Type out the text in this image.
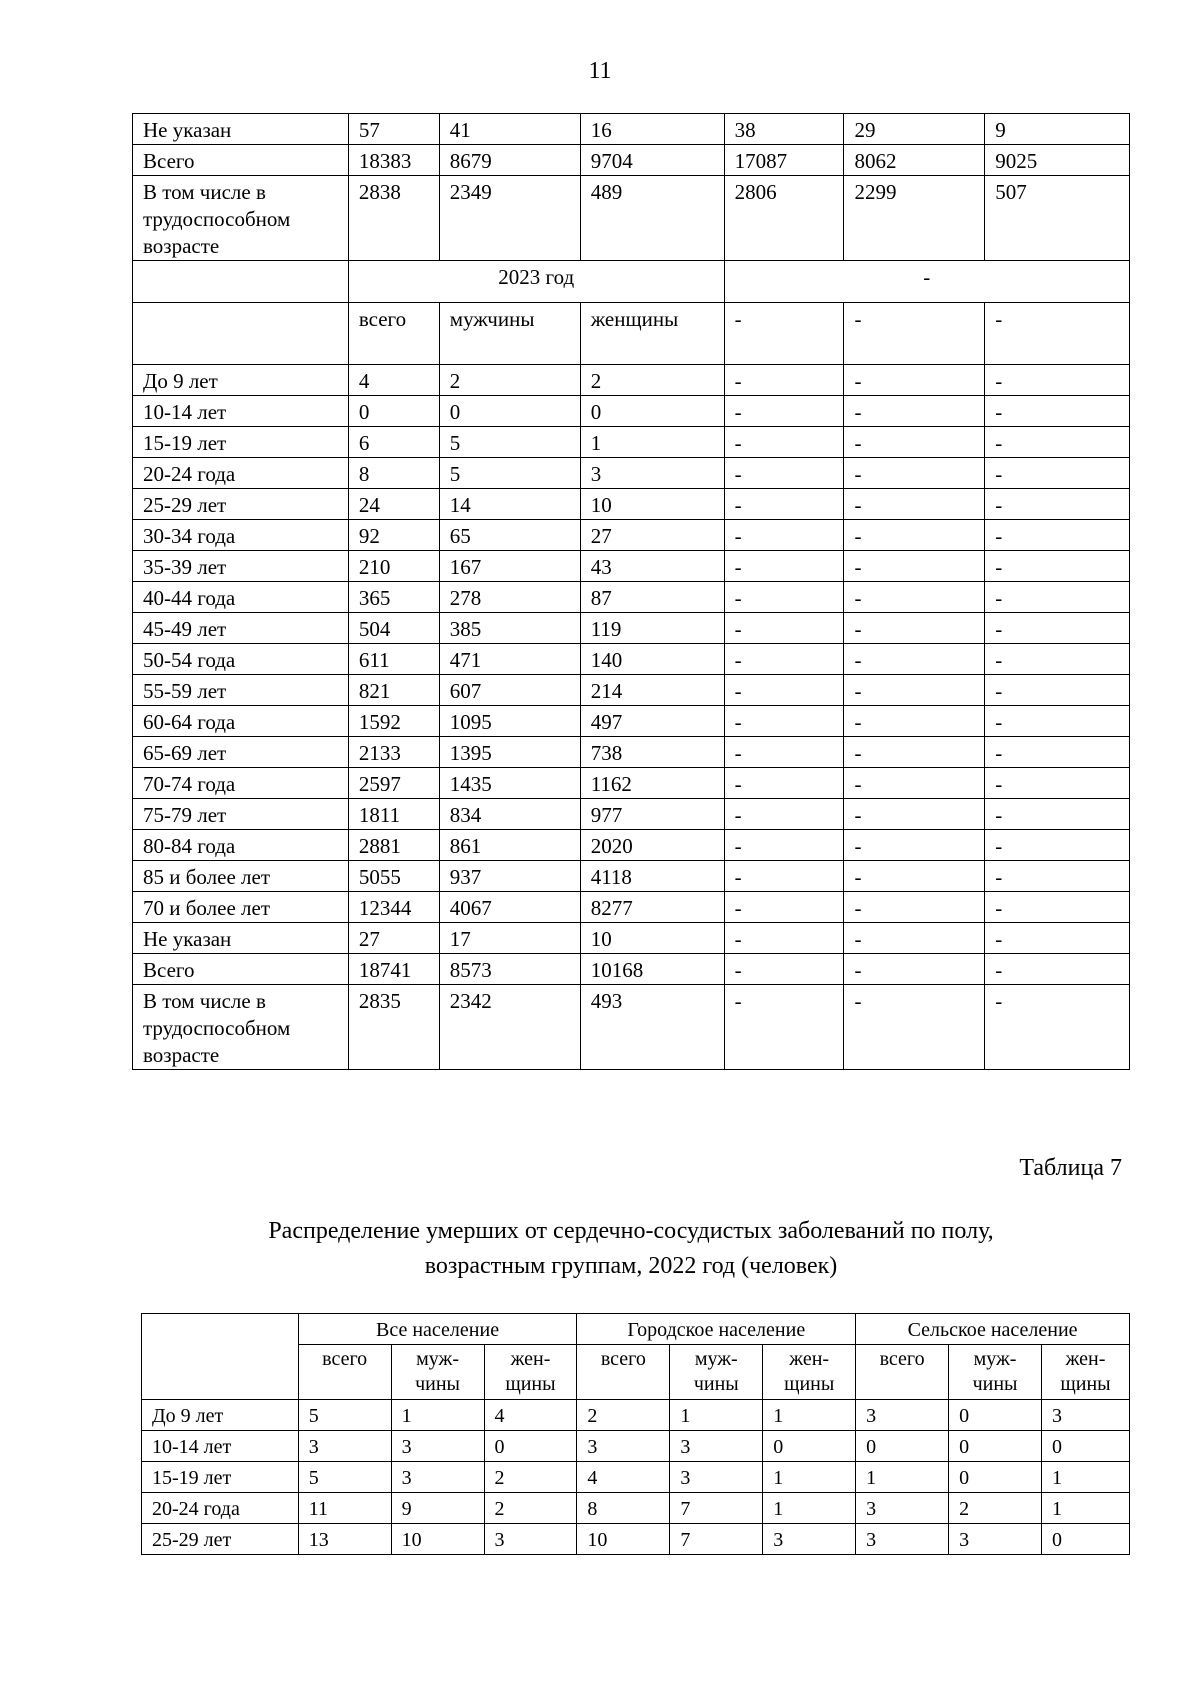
11
Не указан	57	41	16	38	29	9
Всего	18383	8679	9704	17087	8062	9025
В том числе в трудоспособном возрасте	2838	2349	489	2806	2299	507
	2023 год			-		
	всего	мужчины	женщины	-	-	-
До 9 лет	4	2	2	-	-	-
10-14 лет	0	0	0	-	-	-
15-19 лет	6	5	1	-	-	-
20-24 года	8	5	3	-	-	-
25-29 лет	24	14	10	-	-	-
30-34 года	92	65	27	-	-	-
35-39 лет	210	167	43	-	-	-
40-44 года	365	278	87	-	-	-
45-49 лет	504	385	119	-	-	-
50-54 года	611	471	140	-	-	-
55-59 лет	821	607	214	-	-	-
60-64 года	1592	1095	497	-	-	-
65-69 лет	2133	1395	738	-	-	-
70-74 года	2597	1435	1162	-	-	-
75-79 лет	1811	834	977	-	-	-
80-84 года	2881	861	2020	-	-	-
85 и более лет	5055	937	4118	-	-	-
70 и более лет	12344	4067	8277	-	-	-
Не указан	27	17	10	-	-	-
Всего	18741	8573	10168	-	-	-
В том числе в трудоспособном возрасте	2835	2342	493	-	-	-
Таблица 7
Распределение умерших от сердечно-сосудистых заболеваний по полу,
возрастным группам, 2022 год (человек)
	Все население			Городское население			Сельское население		
	всего	муж-чины	жен-щины	всего	муж-чины	жен-щины	всего	муж-чины	жен-щины
До 9 лет	5	1	4	2	1	1	3	0	3
10-14 лет	3	3	0	3	3	0	0	0	0
15-19 лет	5	3	2	4	3	1	1	0	1
20-24 года	11	9	2	8	7	1	3	2	1
25-29 лет	13	10	3	10	7	3	3	3	0
